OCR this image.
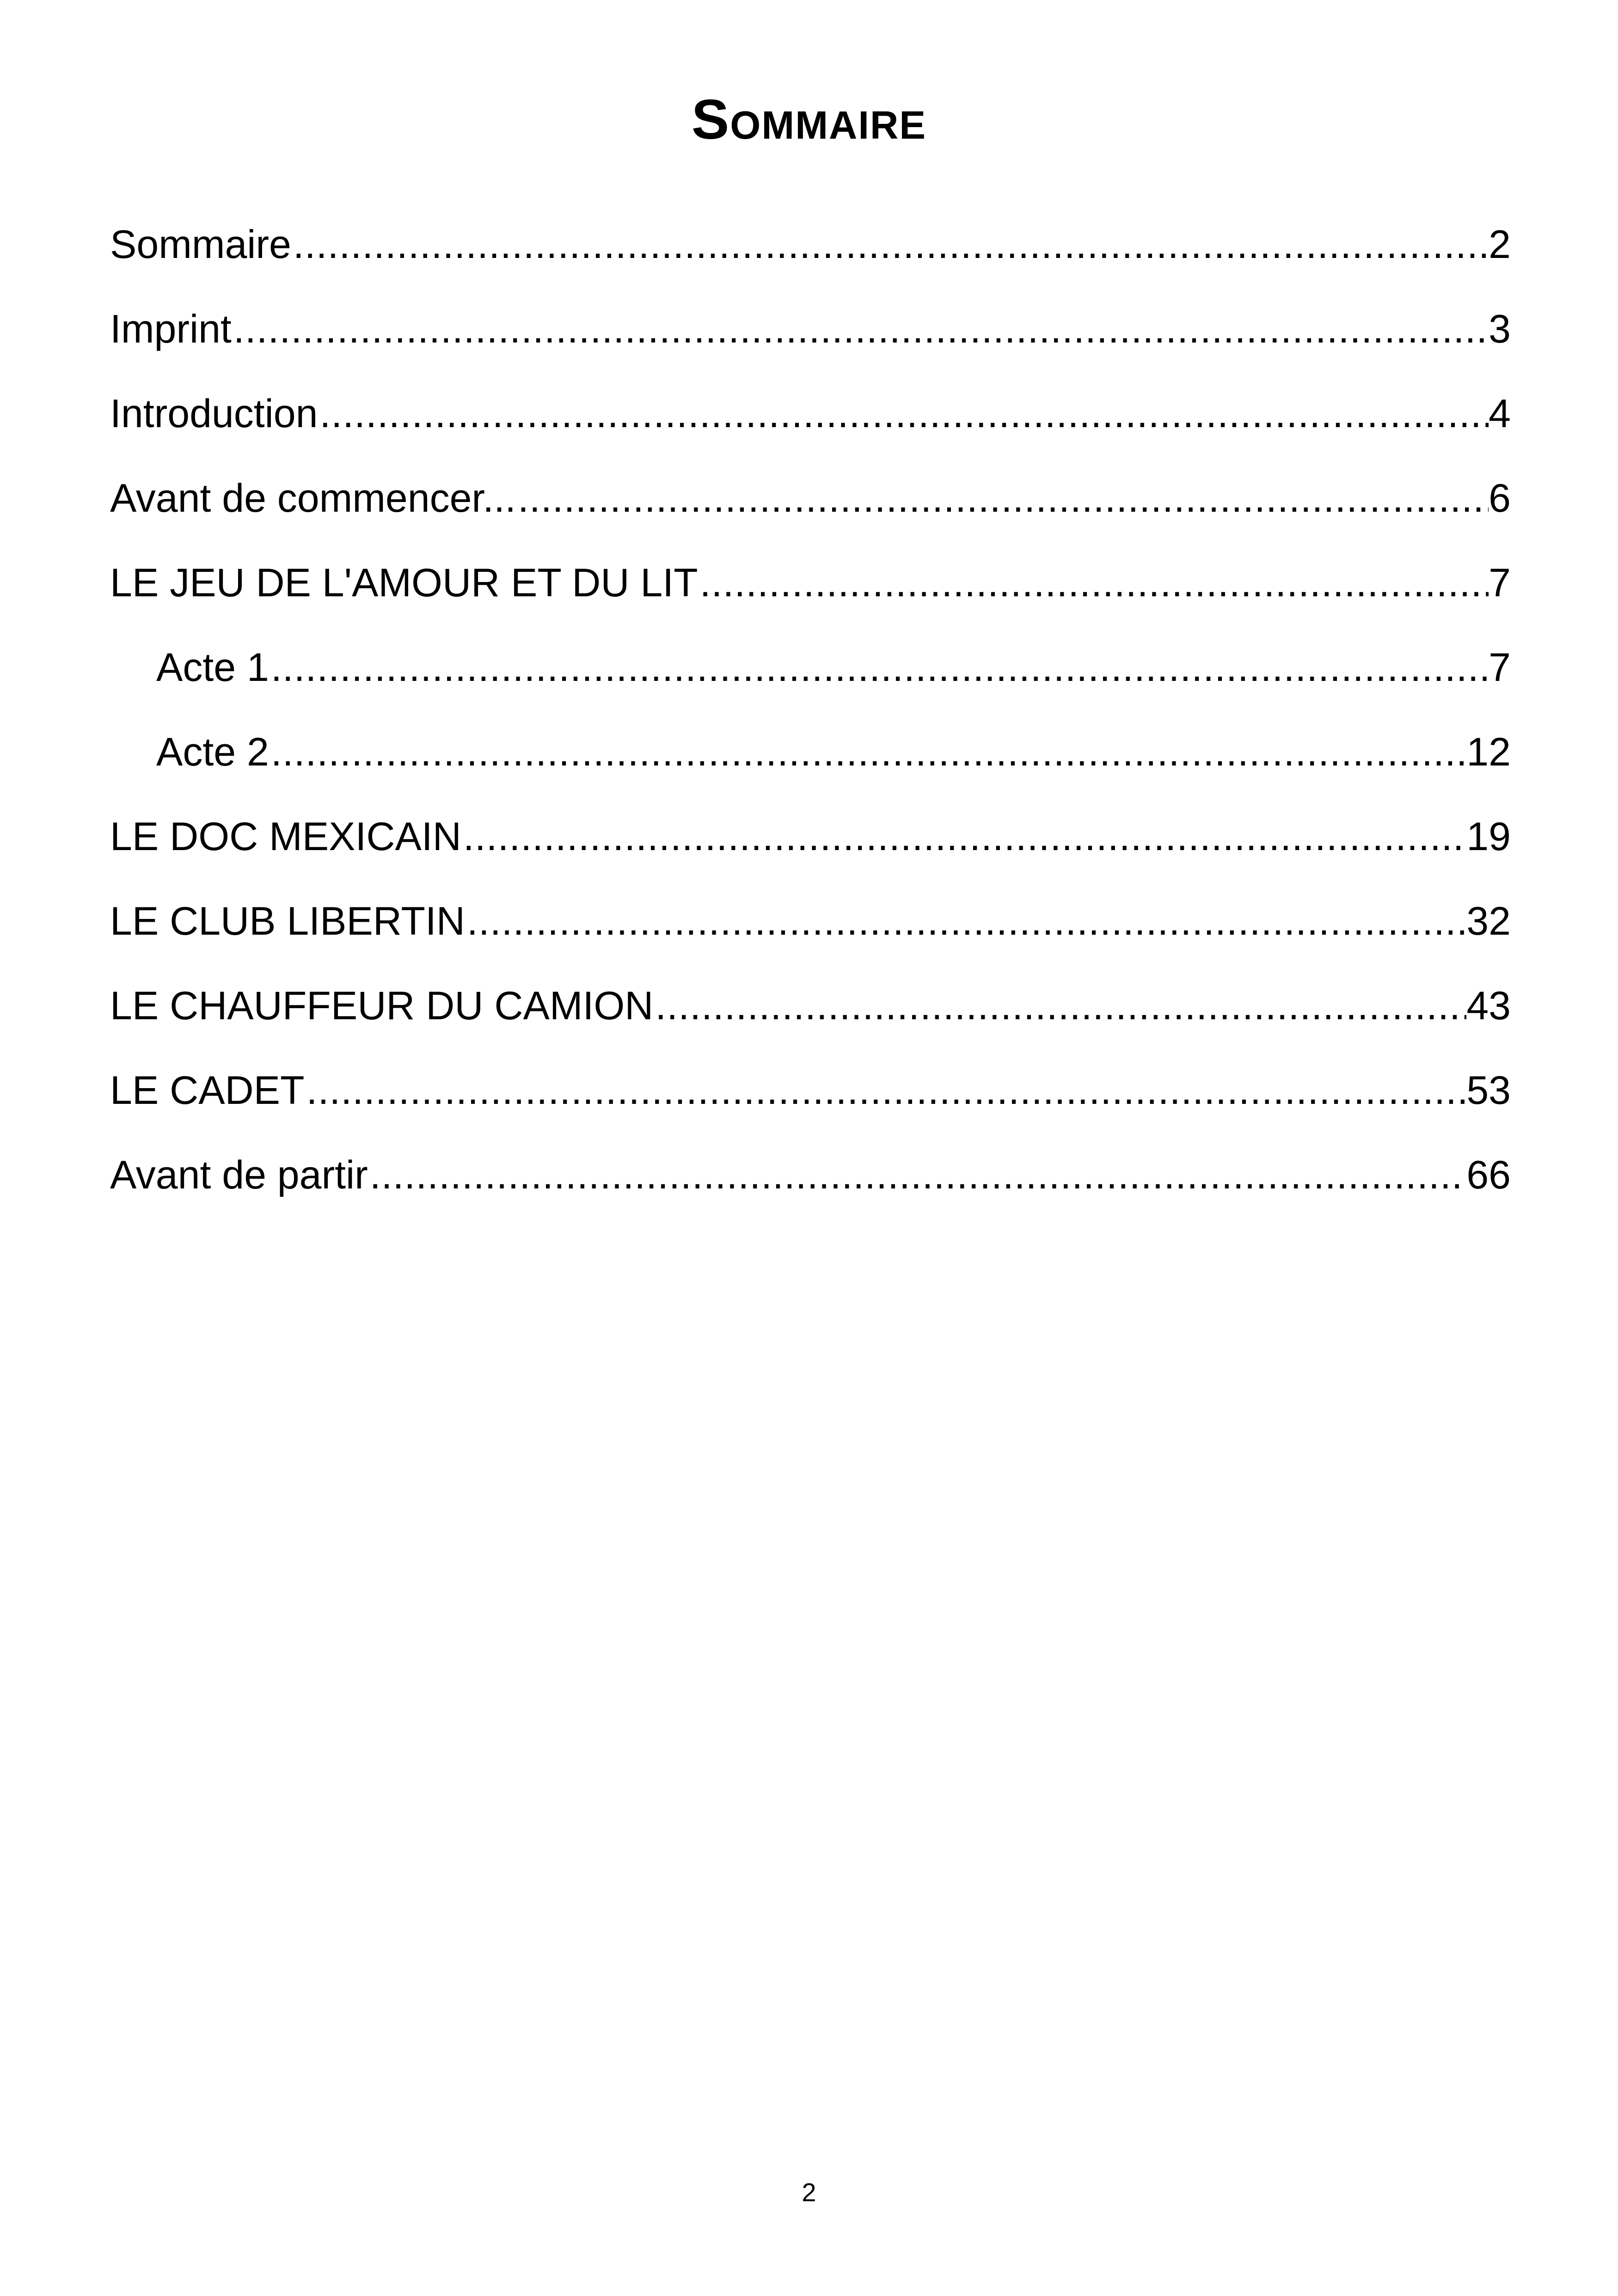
Sommaire
Sommaire .....	2
Imprint .....	3
Introduction .....	4
Avant de commencer... .....	6
LE JEU DE L'AMOUR ET DU LIT .....	7
Acte 1 .....	7
Acte 2 .....	12
LE DOC MEXICAIN .....	19
LE CLUB LIBERTIN .....	32
LE CHAUFFEUR DU CAMION .....	43
LE CADET .....	53
Avant de partir .....	66
2
